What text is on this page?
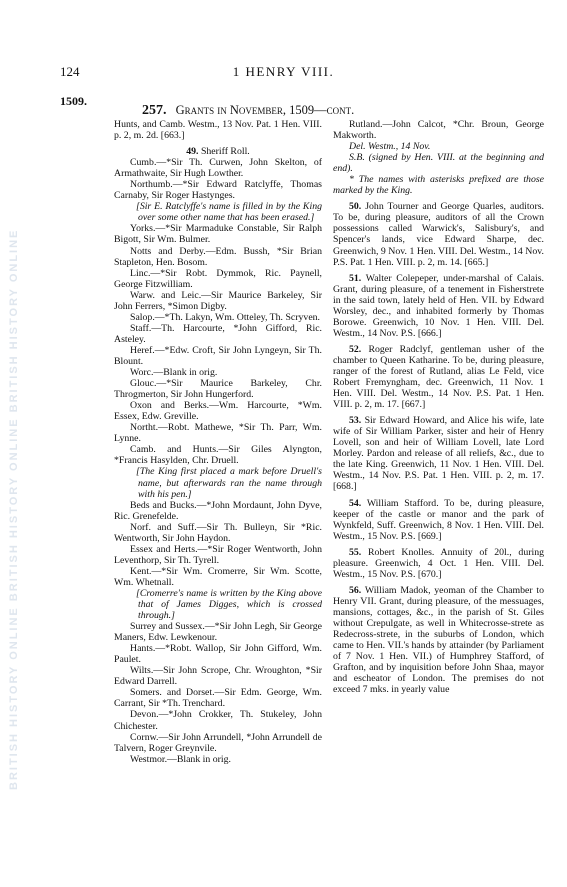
BRITISH HISTORY ONLINE BRITISH HISTORY ONLINE BRITISH HISTORY ONLINE
124	1 HENRY VIII.
1509.
257. Grants in November, 1509—cont.

Hunts, and Camb. Westm., 13 Nov. Pat. 1 Hen. VIII. p. 2, m. 2d. [663.]

49. Sheriff Roll.

Cumb.—*Sir Th. Curwen, John Skelton, of Armathwaite, Sir Hugh Lowther.

Northumb.—*Sir Edward Ratclyffe, Thomas Carnaby, Sir Roger Hastynges.

[Sir E. Ratclyffe's name is filled in by the King over some other name that has been erased.]

Yorks.—*Sir Marmaduke Constable, Sir Ralph Bigott, Sir Wm. Bulmer.

Notts and Derby.—Edm. Bussh, *Sir Brian Stapleton, Hen. Bosom.

Linc.—*Sir Robt. Dymmok, Ric. Paynell, George Fitzwilliam.

Warw. and Leic.—Sir Maurice Barkeley, Sir John Ferrers, *Simon Digby.

Salop.—*Th. Lakyn, Wm. Otteley, Th. Scryven.

Staff.—Th. Harcourte, *John Gifford, Ric. Asteley.

Heref.—*Edw. Croft, Sir John Lyngeyn, Sir Th. Blount.

Worc.—Blank in orig.

Glouc.—*Sir Maurice Barkeley, Chr. Throgmerton, Sir John Hungerford.

Oxon and Berks.—Wm. Harcourte, *Wm. Essex, Edw. Greville.

Northt.—Robt. Mathewe, *Sir Th. Parr, Wm. Lynne.

Camb. and Hunts.—Sir Giles Alyngton, *Francis Hasylden, Chr. Druell.

[The King first placed a mark before Druell's name, but afterwards ran the name through with his pen.]

Beds and Bucks.—*John Mordaunt, John Dyve, Ric. Grenefelde.

Norf. and Suff.—Sir Th. Bulleyn, Sir *Ric. Wentworth, Sir John Haydon.

Essex and Herts.—*Sir Roger Wentworth, John Leventhorp, Sir Th. Tyrell.

Kent.—*Sir Wm. Cromerre, Sir Wm. Scotte, Wm. Whetnall.

[Cromerre's name is written by the King above that of James Digges, which is crossed through.]

Surrey and Sussex.—*Sir John Legh, Sir George Maners, Edw. Lewkenour.

Hants.—*Robt. Wallop, Sir John Gifford, Wm. Paulet.

Wilts.—Sir John Scrope, Chr. Wroughton, *Sir Edward Darrell.

Somers. and Dorset.—Sir Edm. George, Wm. Carrant, Sir *Th. Trenchard.

Devon.—*John Crokker, Th. Stukeley, John Chichester.

Cornw.—Sir John Arrundell, *John Arrundell de Talvern, Roger Greynvile.

Westmor.—Blank in orig.

Rutland.—John Calcot, *Chr. Broun, George Makworth.

Del. Westm., 14 Nov.

S.B. (signed by Hen. VIII. at the beginning and end).

* The names with asterisks prefixed are those marked by the King.

50. John Tourner and George Quarles, auditors. To be, during pleasure, auditors of all the Crown possessions called Warwick's, Salisbury's, and Spencer's lands, vice Edward Sharpe, dec. Greenwich, 9 Nov. 1 Hen. VIII. Del. Westm., 14 Nov. P.S. Pat. 1 Hen. VIII. p. 2, m. 14. [665.]

51. Walter Colepeper, under-marshal of Calais. Grant, during pleasure, of a tenement in Fisherstrete in the said town, lately held of Hen. VII. by Edward Worsley, dec., and inhabited formerly by Thomas Borowe. Greenwich, 10 Nov. 1 Hen. VIII. Del. Westm., 14 Nov. P.S. [666.]

52. Roger Radclyf, gentleman usher of the chamber to Queen Katharine. To be, during pleasure, ranger of the forest of Rutland, alias Le Feld, vice Robert Fremyngham, dec. Greenwich, 11 Nov. 1 Hen. VIII. Del. Westm., 14 Nov. P.S. Pat. 1 Hen. VIII. p. 2, m. 17. [667.]

53. Sir Edward Howard, and Alice his wife, late wife of Sir William Parker, sister and heir of Henry Lovell, son and heir of William Lovell, late Lord Morley. Pardon and release of all reliefs, &c., due to the late King. Greenwich, 11 Nov. 1 Hen. VIII. Del. Westm., 14 Nov. P.S. Pat. 1 Hen. VIII. p. 2, m. 17. [668.]

54. William Stafford. To be, during pleasure, keeper of the castle or manor and the park of Wynkfeld, Suff. Greenwich, 8 Nov. 1 Hen. VIII. Del. Westm., 15 Nov. P.S. [669.]

55. Robert Knolles. Annuity of 20l., during pleasure. Greenwich, 4 Oct. 1 Hen. VIII. Del. Westm., 15 Nov. P.S. [670.]

56. William Madok, yeoman of the Chamber to Henry VII. Grant, during pleasure, of the messuages, mansions, cottages, &c., in the parish of St. Giles without Crepulgate, as well in Whitecrosse-strete as Redecross-strete, in the suburbs of London, which came to Hen. VII.'s hands by attainder (by Parliament of 7 Nov. 1 Hen. VII.) of Humphrey Stafford, of Grafton, and by inquisition before John Shaa, mayor and escheator of London. The premises do not exceed 7 mks. in yearly value
